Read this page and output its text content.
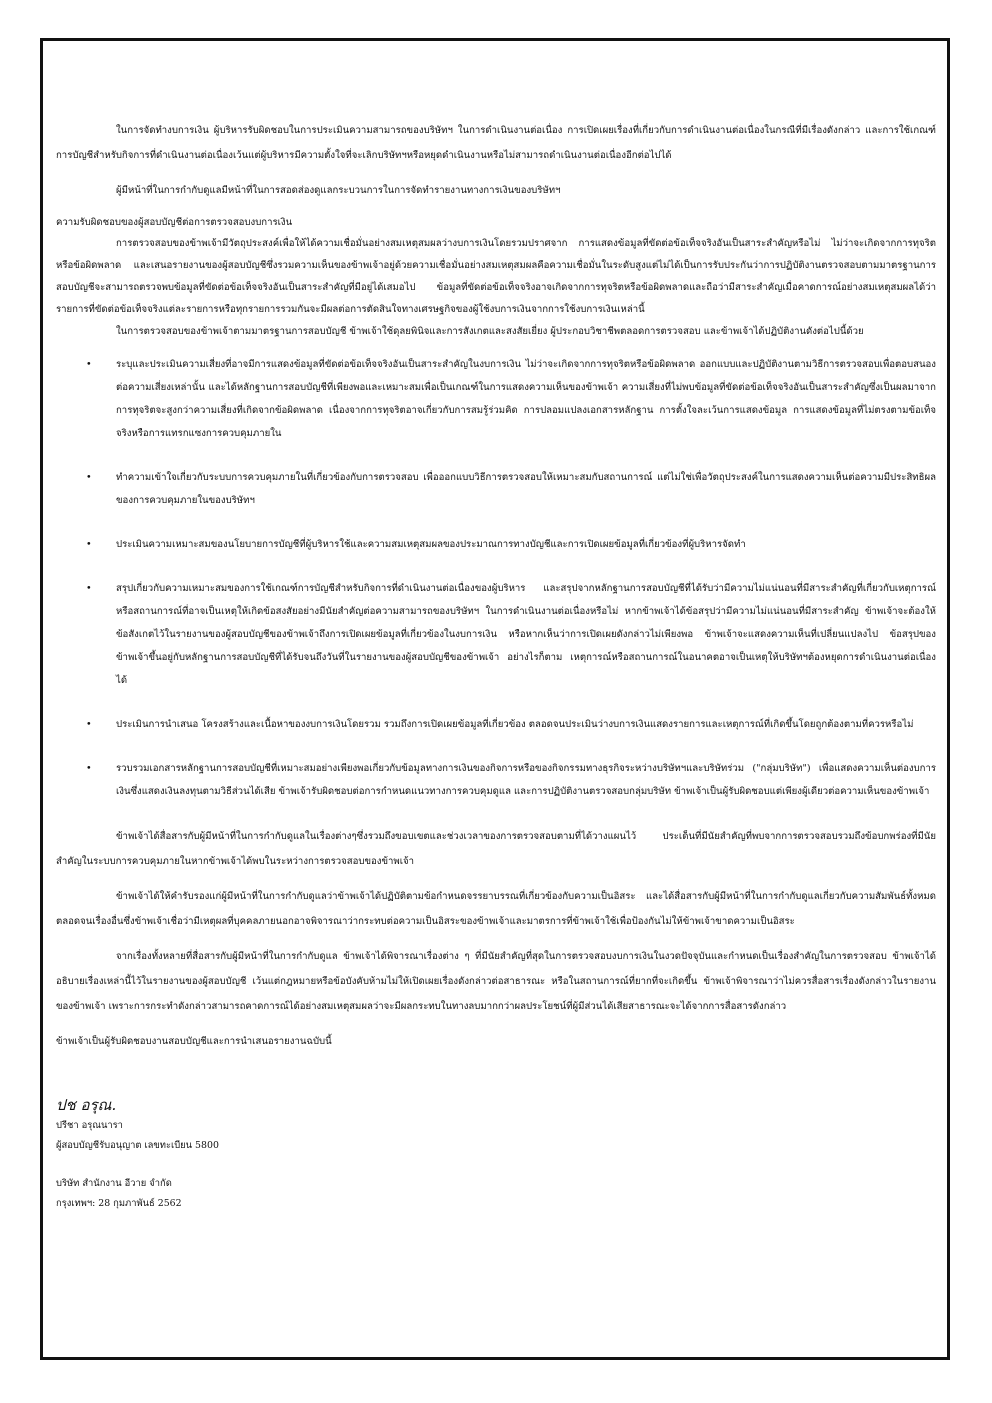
ในการจัดทำงบการเงิน ผู้บริหารรับผิดชอบในการประเมินความสามารถของบริษัทฯ ในการดำเนินงานต่อเนื่อง การเปิดเผยเรื่องที่เกี่ยวกับการดำเนินงานต่อเนื่องในกรณีที่มีเรื่องดังกล่าว และการใช้เกณฑ์การบัญชีสำหรับกิจการที่ดำเนินงานต่อเนื่องเว้นแต่ผู้บริหารมีความตั้งใจที่จะเลิกบริษัทฯหรือหยุดดำเนินงานหรือไม่สามารถดำเนินงานต่อเนื่องอีกต่อไปได้

ผู้มีหน้าที่ในการกำกับดูแลมีหน้าที่ในการสอดส่องดูแลกระบวนการในการจัดทำรายงานทางการเงินของบริษัทฯ

ความรับผิดชอบของผู้สอบบัญชีต่อการตรวจสอบงบการเงิน

การตรวจสอบของข้าพเจ้ามีวัตถุประสงค์เพื่อให้ได้ความเชื่อมั่นอย่างสมเหตุสมผลว่างบการเงินโดยรวมปราศจาก การแสดงข้อมูลที่ขัดต่อข้อเท็จจริงอันเป็นสาระสำคัญหรือไม่ ไม่ว่าจะเกิดจากการทุจริตหรือข้อผิดพลาด และเสนอรายงานของผู้สอบบัญชีซึ่งรวมความเห็นของข้าพเจ้าอยู่ด้วยความเชื่อมั่นอย่างสมเหตุสมผลคือความเชื่อมั่นในระดับสูงแต่ไม่ได้เป็นการรับประกันว่าการปฏิบัติงานตรวจสอบตามมาตรฐานการสอบบัญชีจะสามารถตรวจพบข้อมูลที่ขัดต่อข้อเท็จจริงอันเป็นสาระสำคัญที่มีอยู่ได้เสมอไป ข้อมูลที่ขัดต่อข้อเท็จจริงอาจเกิดจากการทุจริตหรือข้อผิดพลาดและถือว่ามีสาระสำคัญเมื่อคาดการณ์อย่างสมเหตุสมผลได้ว่ารายการที่ขัดต่อข้อเท็จจริงแต่ละรายการหรือทุกรายการรวมกันจะมีผลต่อการตัดสินใจทางเศรษฐกิจของผู้ใช้งบการเงินจากการใช้งบการเงินเหล่านี้

ในการตรวจสอบของข้าพเจ้าตามมาตรฐานการสอบบัญชี ข้าพเจ้าใช้ดุลยพินิจและการสังเกตและสงสัยเยี่ยง ผู้ประกอบวิชาชีพตลอดการตรวจสอบ และข้าพเจ้าได้ปฏิบัติงานดังต่อไปนี้ด้วย

•	ระบุและประเมินความเสี่ยงที่อาจมีการแสดงข้อมูลที่ขัดต่อข้อเท็จจริงอันเป็นสาระสำคัญในงบการเงิน ไม่ว่าจะเกิดจากการทุจริตหรือข้อผิดพลาด ออกแบบและปฏิบัติงานตามวิธีการตรวจสอบเพื่อตอบสนองต่อความเสี่ยงเหล่านั้น และได้หลักฐานการสอบบัญชีที่เพียงพอและเหมาะสมเพื่อเป็นเกณฑ์ในการแสดงความเห็นของข้าพเจ้า ความเสี่ยงที่ไม่พบข้อมูลที่ขัดต่อข้อเท็จจริงอันเป็นสาระสำคัญซึ่งเป็นผลมาจากการทุจริตจะสูงกว่าความเสี่ยงที่เกิดจากข้อผิดพลาด เนื่องจากการทุจริตอาจเกี่ยวกับการสมรู้ร่วมคิด การปลอมแปลงเอกสารหลักฐาน การตั้งใจละเว้นการแสดงข้อมูล การแสดงข้อมูลที่ไม่ตรงตามข้อเท็จจริงหรือการแทรกแซงการควบคุมภายใน
•	ทำความเข้าใจเกี่ยวกับระบบการควบคุมภายในที่เกี่ยวข้องกับการตรวจสอบ เพื่อออกแบบวิธีการตรวจสอบให้เหมาะสมกับสถานการณ์ แต่ไม่ใช่เพื่อวัตถุประสงค์ในการแสดงความเห็นต่อความมีประสิทธิผลของการควบคุมภายในของบริษัทฯ
•	ประเมินความเหมาะสมของนโยบายการบัญชีที่ผู้บริหารใช้และความสมเหตุสมผลของประมาณการทางบัญชีและการเปิดเผยข้อมูลที่เกี่ยวข้องที่ผู้บริหารจัดทำ
•	สรุปเกี่ยวกับความเหมาะสมของการใช้เกณฑ์การบัญชีสำหรับกิจการที่ดำเนินงานต่อเนื่องของผู้บริหาร และสรุปจากหลักฐานการสอบบัญชีที่ได้รับว่ามีความไม่แน่นอนที่มีสาระสำคัญที่เกี่ยวกับเหตุการณ์หรือสถานการณ์ที่อาจเป็นเหตุให้เกิดข้อสงสัยอย่างมีนัยสำคัญต่อความสามารถของบริษัทฯ ในการดำเนินงานต่อเนื่องหรือไม่ หากข้าพเจ้าได้ข้อสรุปว่ามีความไม่แน่นอนที่มีสาระสำคัญ ข้าพเจ้าจะต้องให้ข้อสังเกตไว้ในรายงานของผู้สอบบัญชีของข้าพเจ้าถึงการเปิดเผยข้อมูลที่เกี่ยวข้องในงบการเงิน หรือหากเห็นว่าการเปิดเผยดังกล่าวไม่เพียงพอ ข้าพเจ้าจะแสดงความเห็นที่เปลี่ยนแปลงไป ข้อสรุปของข้าพเจ้าขึ้นอยู่กับหลักฐานการสอบบัญชีที่ได้รับจนถึงวันที่ในรายงานของผู้สอบบัญชีของข้าพเจ้า อย่างไรก็ตาม เหตุการณ์หรือสถานการณ์ในอนาคตอาจเป็นเหตุให้บริษัทฯต้องหยุดการดำเนินงานต่อเนื่องได้
•	ประเมินการนำเสนอ โครงสร้างและเนื้อหาของงบการเงินโดยรวม รวมถึงการเปิดเผยข้อมูลที่เกี่ยวข้อง ตลอดจนประเมินว่างบการเงินแสดงรายการและเหตุการณ์ที่เกิดขึ้นโดยถูกต้องตามที่ควรหรือไม่
•	รวบรวมเอกสารหลักฐานการสอบบัญชีที่เหมาะสมอย่างเพียงพอเกี่ยวกับข้อมูลทางการเงินของกิจการหรือของกิจกรรมทางธุรกิจระหว่างบริษัทฯและบริษัทร่วม ("กลุ่มบริษัท") เพื่อแสดงความเห็นต่องบการเงินซึ่งแสดงเงินลงทุนตามวิธีส่วนได้เสีย ข้าพเจ้ารับผิดชอบต่อการกำหนดแนวทางการควบคุมดูแล และการปฏิบัติงานตรวจสอบกลุ่มบริษัท ข้าพเจ้าเป็นผู้รับผิดชอบแต่เพียงผู้เดียวต่อความเห็นของข้าพเจ้า

ข้าพเจ้าได้สื่อสารกับผู้มีหน้าที่ในการกำกับดูแลในเรื่องต่างๆซึ่งรวมถึงขอบเขตและช่วงเวลาของการตรวจสอบตามที่ได้วางแผนไว้ ประเด็นที่มีนัยสำคัญที่พบจากการตรวจสอบรวมถึงข้อบกพร่องที่มีนัยสำคัญในระบบการควบคุมภายในหากข้าพเจ้าได้พบในระหว่างการตรวจสอบของข้าพเจ้า

ข้าพเจ้าได้ให้คำรับรองแก่ผู้มีหน้าที่ในการกำกับดูแลว่าข้าพเจ้าได้ปฏิบัติตามข้อกำหนดจรรยาบรรณที่เกี่ยวข้องกับความเป็นอิสระ และได้สื่อสารกับผู้มีหน้าที่ในการกำกับดูแลเกี่ยวกับความสัมพันธ์ทั้งหมดตลอดจนเรื่องอื่นซึ่งข้าพเจ้าเชื่อว่ามีเหตุผลที่บุคคลภายนอกอาจพิจารณาว่ากระทบต่อความเป็นอิสระของข้าพเจ้าและมาตรการที่ข้าพเจ้าใช้เพื่อป้องกันไม่ให้ข้าพเจ้าขาดความเป็นอิสระ

จากเรื่องทั้งหลายที่สื่อสารกับผู้มีหน้าที่ในการกำกับดูแล ข้าพเจ้าได้พิจารณาเรื่องต่าง ๆ ที่มีนัยสำคัญที่สุดในการตรวจสอบงบการเงินในงวดปัจจุบันและกำหนดเป็นเรื่องสำคัญในการตรวจสอบ ข้าพเจ้าได้อธิบายเรื่องเหล่านี้ไว้ในรายงานของผู้สอบบัญชี เว้นแต่กฎหมายหรือข้อบังคับห้ามไม่ให้เปิดเผยเรื่องดังกล่าวต่อสาธารณะ หรือในสถานการณ์ที่ยากที่จะเกิดขึ้น ข้าพเจ้าพิจารณาว่าไม่ควรสื่อสารเรื่องดังกล่าวในรายงานของข้าพเจ้า เพราะการกระทำดังกล่าวสามารถคาดการณ์ได้อย่างสมเหตุสมผลว่าจะมีผลกระทบในทางลบมากกว่าผลประโยชน์ที่ผู้มีส่วนได้เสียสาธารณะจะได้จากการสื่อสารดังกล่าว

ข้าพเจ้าเป็นผู้รับผิดชอบงานสอบบัญชีและการนำเสนอรายงานฉบับนี้

ปช อรุณ.

ปรีชา อรุณนารา

ผู้สอบบัญชีรับอนุญาต เลขทะเบียน 5800

บริษัท สำนักงาน อีวาย จำกัด

กรุงเทพฯ: 28 กุมภาพันธ์ 2562
